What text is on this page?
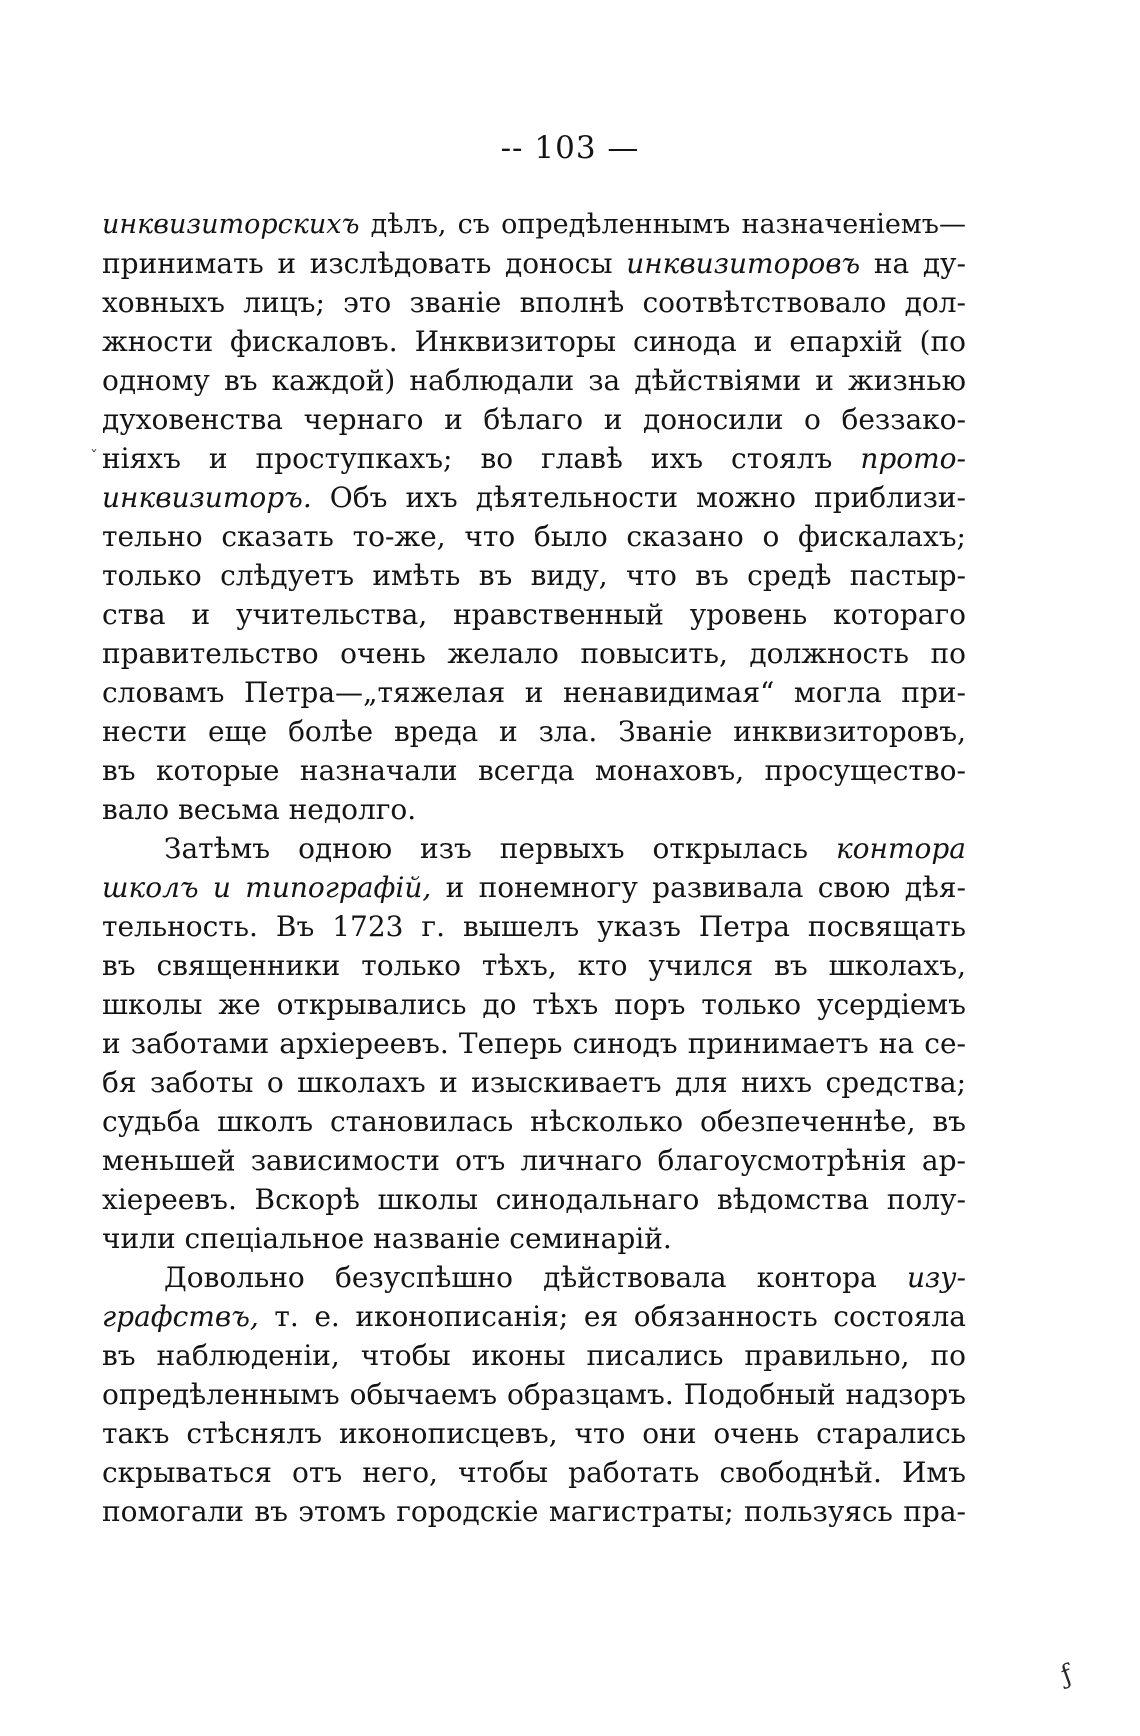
-- 103 —
ˇ
инквизиторскихъ дѣлъ, съ опредѣленнымъ назначеніемъ—
принимать и изслѣдовать доносы инквизиторовъ на ду-
ховныхъ лицъ; это званіе вполнѣ соотвѣтствовало дол-
жности фискаловъ. Инквизиторы синода и епархій (по
одному въ каждой) наблюдали за дѣйствіями и жизнью
духовенства чернаго и бѣлаго и доносили о беззако-
ніяхъ и проступкахъ; во главѣ ихъ стоялъ прото-
инквизиторъ. Объ ихъ дѣятельности можно приблизи-
тельно сказать то-же, что было сказано о фискалахъ;
только слѣдуетъ имѣть въ виду, что въ средѣ пастыр-
ства и учительства, нравственный уровень котораго
правительство очень желало повысить, должность по
словамъ Петра—„тяжелая и ненавидимая“ могла при-
нести еще болѣе вреда и зла. Званіе инквизиторовъ,
въ которые назначали всегда монаховъ, просущество-
вало весьма недолго.
Затѣмъ одною изъ первыхъ открылась контора
школъ и типографій, и понемногу развивала свою дѣя-
тельность. Въ 1723 г. вышелъ указъ Петра посвящать
въ священники только тѣхъ, кто учился въ школахъ,
школы же открывались до тѣхъ поръ только усердіемъ
и заботами архіереевъ. Теперь синодъ принимаетъ на се-
бя заботы о школахъ и изыскиваетъ для нихъ средства;
судьба школъ становилась нѣсколько обезпеченнѣе, въ
меньшей зависимости отъ личнаго благоусмотрѣнія ар-
хіереевъ. Вскорѣ школы синодальнаго вѣдомства полу-
чили спеціальное названіе семинарій.
Довольно безуспѣшно дѣйствовала контора изу-
графствъ, т. е. иконописанія; ея обязанность состояла
въ наблюденіи, чтобы иконы писались правильно, по
опредѣленнымъ обычаемъ образцамъ. Подобный надзоръ
такъ стѣснялъ иконописцевъ, что они очень старались
скрываться отъ него, чтобы работать свободнѣй. Имъ
помогали въ этомъ городскіе магистраты; пользуясь пра-
ƒ
